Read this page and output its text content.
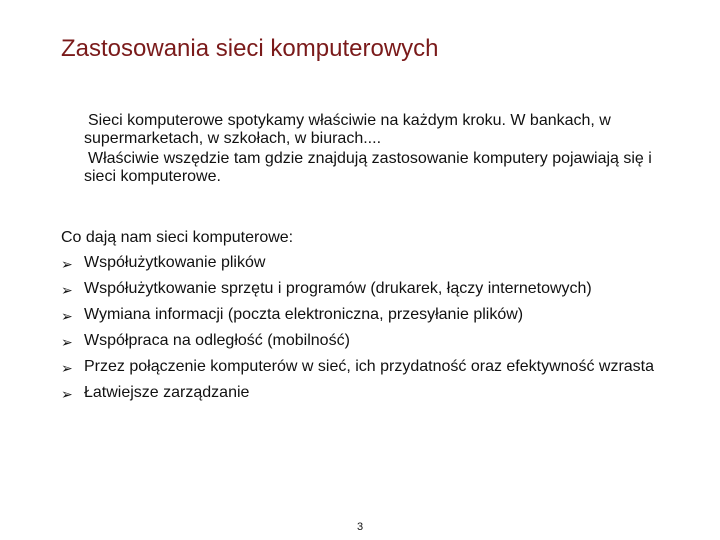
Zastosowania sieci komputerowych

Sieci komputerowe spotykamy właściwie na każdym kroku. W bankach, w supermarketach, w szkołach, w biurach....

Właściwie wszędzie tam gdzie znajdują zastosowanie komputery pojawiają się i sieci komputerowe.

Co dają nam sieci komputerowe:

➢ Współużytkowanie plików
➢ Współużytkowanie sprzętu i programów (drukarek, łączy internetowych)
➢ Wymiana informacji (poczta elektroniczna, przesyłanie plików)
➢ Współpraca na odległość (mobilność)
➢ Przez połączenie komputerów w sieć, ich przydatność oraz efektywność wzrasta
➢ Łatwiejsze zarządzanie
3
